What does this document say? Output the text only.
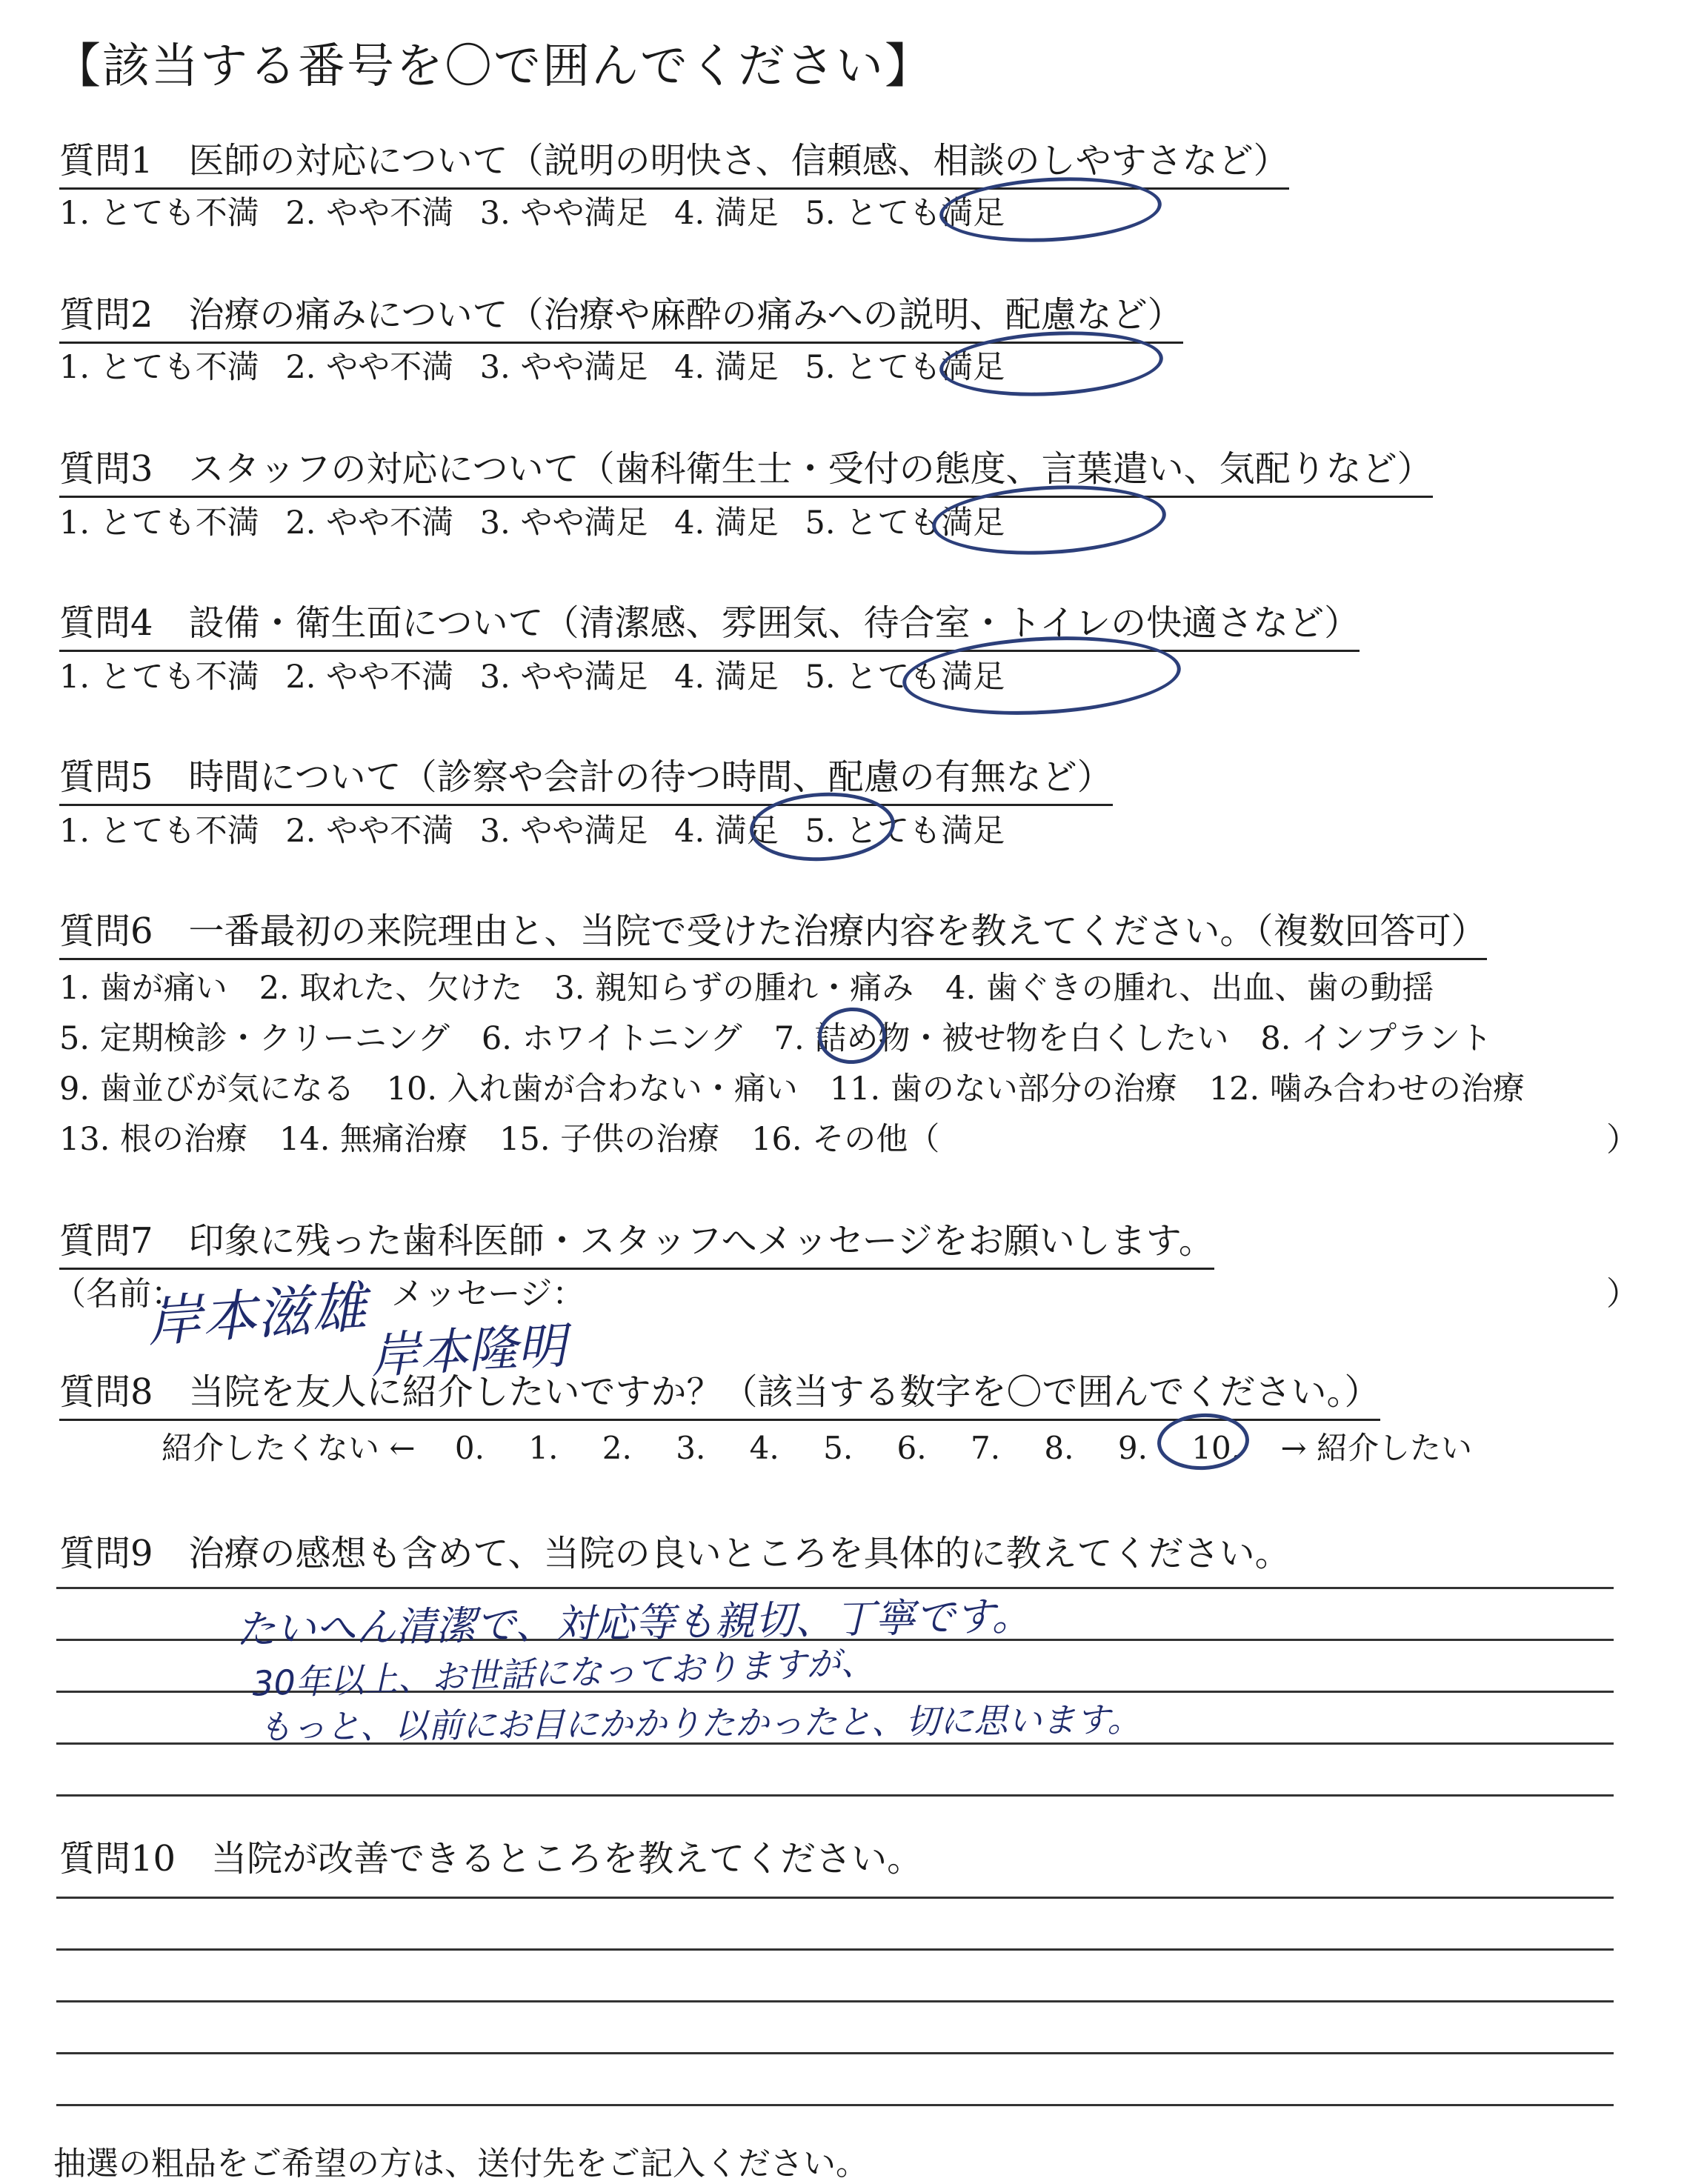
【該当する番号を〇で囲んでください】
質問1　医師の対応について（説明の明快さ、信頼感、相談のしやすさなど）
1. とても不満 2. やや不満 3. やや満足 4. 満足 5. とても満足
質問2　治療の痛みについて（治療や麻酔の痛みへの説明、配慮など）
1. とても不満 2. やや不満 3. やや満足 4. 満足 5. とても満足
質問3　スタッフの対応について（歯科衛生士・受付の態度、言葉遣い、気配りなど）
1. とても不満 2. やや不満 3. やや満足 4. 満足 5. とても満足
質問4　設備・衛生面について（清潔感、雰囲気、待合室・トイレの快適さなど）
1. とても不満 2. やや不満 3. やや満足 4. 満足 5. とても満足
質問5　時間について（診察や会計の待つ時間、配慮の有無など）
1. とても不満 2. やや不満 3. やや満足 4. 満足 5. とても満足
質問6　一番最初の来院理由と、当院で受けた治療内容を教えてください。（複数回答可）
1. 歯が痛い　2. 取れた、欠けた　3. 親知らずの腫れ・痛み　4. 歯ぐきの腫れ、出血、歯の動揺
5. 定期検診・クリーニング　6. ホワイトニング　7. 詰め物・被せ物を白くしたい　8. インプラント
9. 歯並びが気になる　10. 入れ歯が合わない・痛い　11. 歯のない部分の治療　12. 噛み合わせの治療
13. 根の治療　14. 無痛治療　15. 子供の治療　16. その他（	）
質問7　印象に残った歯科医師・スタッフへメッセージをお願いします。
（名前：	メッセージ：	）
岸本滋雄 岸本隆明
質問8　当院を友人に紹介したいですか？（該当する数字を〇で囲んでください。）
紹介したくない ← 0. 1. 2. 3. 4. 5. 6. 7. 8. 9. 10. → 紹介したい
質問9　治療の感想も含めて、当院の良いところを具体的に教えてください。
たいへん清潔で、対応等も親切、丁寧です。
30年以上、お世話になっておりますが、
もっと、以前にお目にかかりたかったと、切に思います。
質問10　当院が改善できるところを教えてください。
抽選の粗品をご希望の方は、送付先をご記入ください。
